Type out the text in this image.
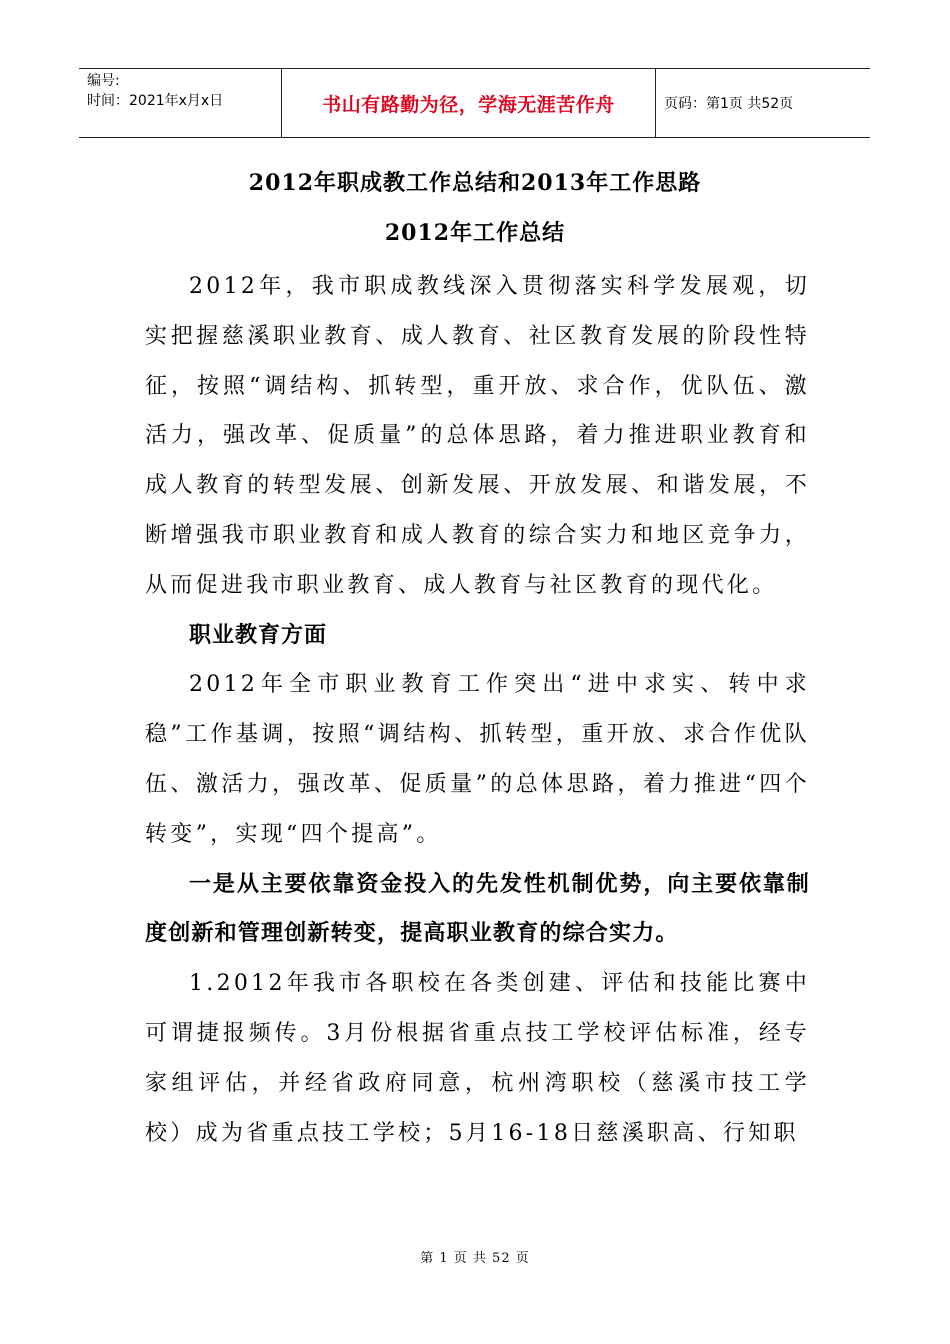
编号:
时间：2021年x月x日	书山有路勤为径，学海无涯苦作舟	页码：第1页 共52页
2012年职成教工作总结和2013年工作思路
2012年工作总结

2012年，我市职成教线深入贯彻落实科学发展观，切实把握慈溪职业教育、成人教育、社区教育发展的阶段性特征，按照“调结构、抓转型，重开放、求合作，优队伍、激活力，强改革、促质量”的总体思路，着力推进职业教育和成人教育的转型发展、创新发展、开放发展、和谐发展，不断增强我市职业教育和成人教育的综合实力和地区竞争力，从而促进我市职业教育、成人教育与社区教育的现代化。

职业教育方面

2012年全市职业教育工作突出“进中求实、转中求稳”工作基调，按照“调结构、抓转型，重开放、求合作优队伍、激活力，强改革、促质量”的总体思路，着力推进“四个转变”，实现“四个提高”。

一是从主要依靠资金投入的先发性机制优势，向主要依靠制度创新和管理创新转变，提高职业教育的综合实力。

1.2012年我市各职校在各类创建、评估和技能比赛中可谓捷报频传。3月份根据省重点技工学校评估标准，经专家组评估，并经省政府同意，杭州湾职校（慈溪市技工学校）成为省重点技工学校；5月16-18日慈溪职高、行知职

第 1 页 共 52 页
